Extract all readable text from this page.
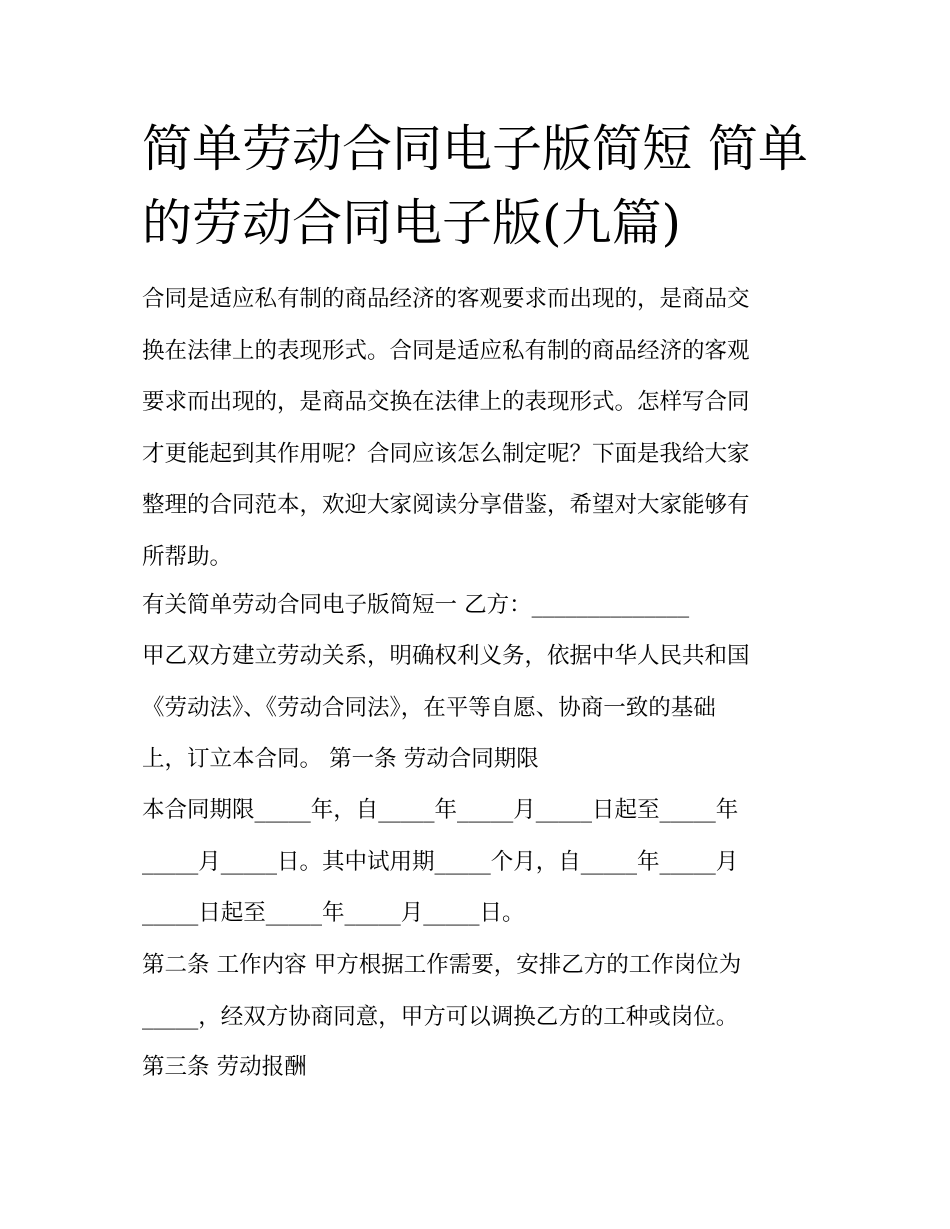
简单劳动合同电子版简短 简单
的劳动合同电子版(九篇)

合同是适应私有制的商品经济的客观要求而出现的，是商品交
换在法律上的表现形式。合同是适应私有制的商品经济的客观
要求而出现的，是商品交换在法律上的表现形式。怎样写合同
才更能起到其作用呢？合同应该怎么制定呢？下面是我给大家
整理的合同范本，欢迎大家阅读分享借鉴，希望对大家能够有
所帮助。

有关简单劳动合同电子版简短一 乙方：______________

甲乙双方建立劳动关系，明确权利义务，依据中华人民共和国
《劳动法》、《劳动合同法》，在平等自愿、协商一致的基础
上，订立本合同。 第一条 劳动合同期限

本合同期限_____年，自_____年_____月_____日起至_____年
_____月_____日。其中试用期_____个月，自_____年_____月
_____日起至_____年_____月_____日。

第二条 工作内容 甲方根据工作需要，安排乙方的工作岗位为
_____，经双方协商同意，甲方可以调换乙方的工种或岗位。

第三条 劳动报酬
